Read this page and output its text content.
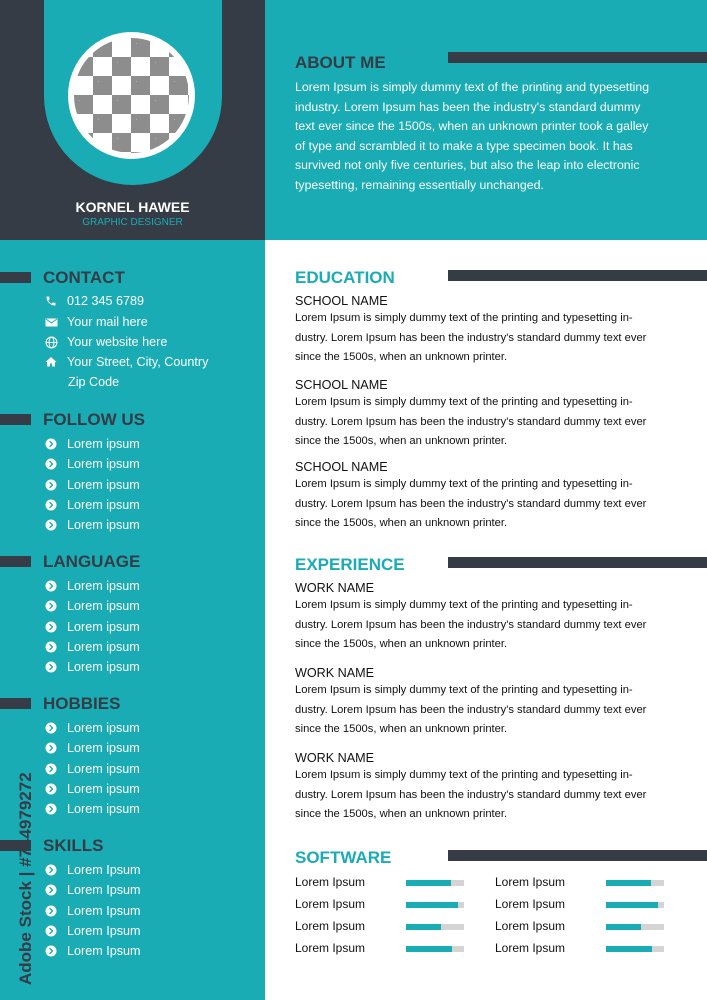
KORNEL HAWEE
GRAPHIC DESIGNER
ABOUT ME
Lorem Ipsum is simply dummy text of the printing and typesetting
industry. Lorem Ipsum has been the industry's standard dummy
text ever since the 1500s, when an unknown printer took a galley
of type and scrambled it to make a type specimen book. It has
survived not only five centuries, but also the leap into electronic
typesetting, remaining essentially unchanged.
CONTACT
012 345 6789
Your mail here
Your website here
Your Street, City, Country
Zip Code
FOLLOW US
Lorem ipsum
Lorem ipsum
Lorem ipsum
Lorem ipsum
Lorem ipsum
LANGUAGE
Lorem ipsum
Lorem ipsum
Lorem ipsum
Lorem ipsum
Lorem ipsum
HOBBIES
Lorem ipsum
Lorem ipsum
Lorem ipsum
Lorem ipsum
Lorem ipsum
SKILLS
Lorem Ipsum
Lorem Ipsum
Lorem Ipsum
Lorem Ipsum
Lorem Ipsum
EDUCATION
SCHOOL NAME
Lorem Ipsum is simply dummy text of the printing and typesetting in-
dustry. Lorem Ipsum has been the industry's standard dummy text ever
since the 1500s, when an unknown printer.
SCHOOL NAME
Lorem Ipsum is simply dummy text of the printing and typesetting in-
dustry. Lorem Ipsum has been the industry's standard dummy text ever
since the 1500s, when an unknown printer.
SCHOOL NAME
Lorem Ipsum is simply dummy text of the printing and typesetting in-
dustry. Lorem Ipsum has been the industry's standard dummy text ever
since the 1500s, when an unknown printer.
EXPERIENCE
WORK NAME
Lorem Ipsum is simply dummy text of the printing and typesetting in-
dustry. Lorem Ipsum has been the industry's standard dummy text ever
since the 1500s, when an unknown printer.
WORK NAME
Lorem Ipsum is simply dummy text of the printing and typesetting in-
dustry. Lorem Ipsum has been the industry's standard dummy text ever
since the 1500s, when an unknown printer.
WORK NAME
Lorem Ipsum is simply dummy text of the printing and typesetting in-
dustry. Lorem Ipsum has been the industry's standard dummy text ever
since the 1500s, when an unknown printer.
SOFTWARE
Lorem Ipsum
Lorem Ipsum
Lorem Ipsum
Lorem Ipsum
Lorem Ipsum
Lorem Ipsum
Lorem Ipsum
Lorem Ipsum
Adobe Stock | #744979272
